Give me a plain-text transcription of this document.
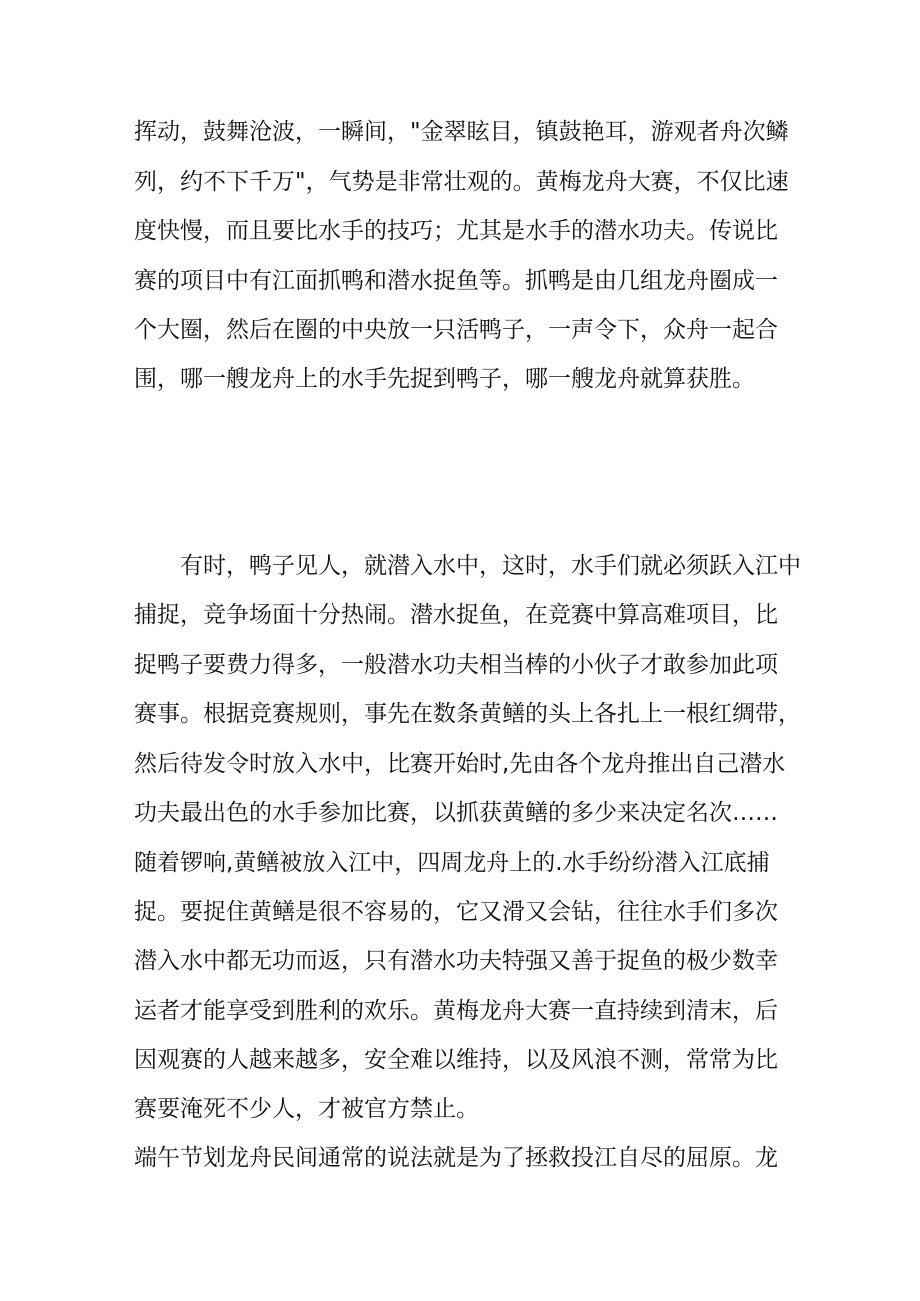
挥动，鼓舞沧波，一瞬间，"金翠眩目，镇鼓艳耳，游观者舟次鳞
列，约不下千万"，气势是非常壮观的。黄梅龙舟大赛，不仅比速
度快慢，而且要比水手的技巧；尤其是水手的潜水功夫。传说比
赛的项目中有江面抓鸭和潜水捉鱼等。抓鸭是由几组龙舟圈成一
个大圈，然后在圈的中央放一只活鸭子，一声令下，众舟一起合
围，哪一艘龙舟上的水手先捉到鸭子，哪一艘龙舟就算获胜。
有时，鸭子见人，就潜入水中，这时，水手们就必须跃入江中
捕捉，竞争场面十分热闹。潜水捉鱼，在竞赛中算高难项目，比
捉鸭子要费力得多，一般潜水功夫相当棒的小伙子才敢参加此项
赛事。根据竞赛规则，事先在数条黄鳝的头上各扎上一根红绸带，
然后待发令时放入水中，比赛开始时,先由各个龙舟推出自己潜水
功夫最出色的水手参加比赛，以抓获黄鳝的多少来决定名次……
随着锣响,黄鳝被放入江中，四周龙舟上的.水手纷纷潜入江底捕
捉。要捉住黄鳝是很不容易的，它又滑又会钻，往往水手们多次
潜入水中都无功而返，只有潜水功夫特强又善于捉鱼的极少数幸
运者才能享受到胜利的欢乐。黄梅龙舟大赛一直持续到清末，后
因观赛的人越来越多，安全难以维持，以及风浪不测，常常为比
赛要淹死不少人，才被官方禁止。
端午节划龙舟民间通常的说法就是为了拯救投江自尽的屈原。龙
